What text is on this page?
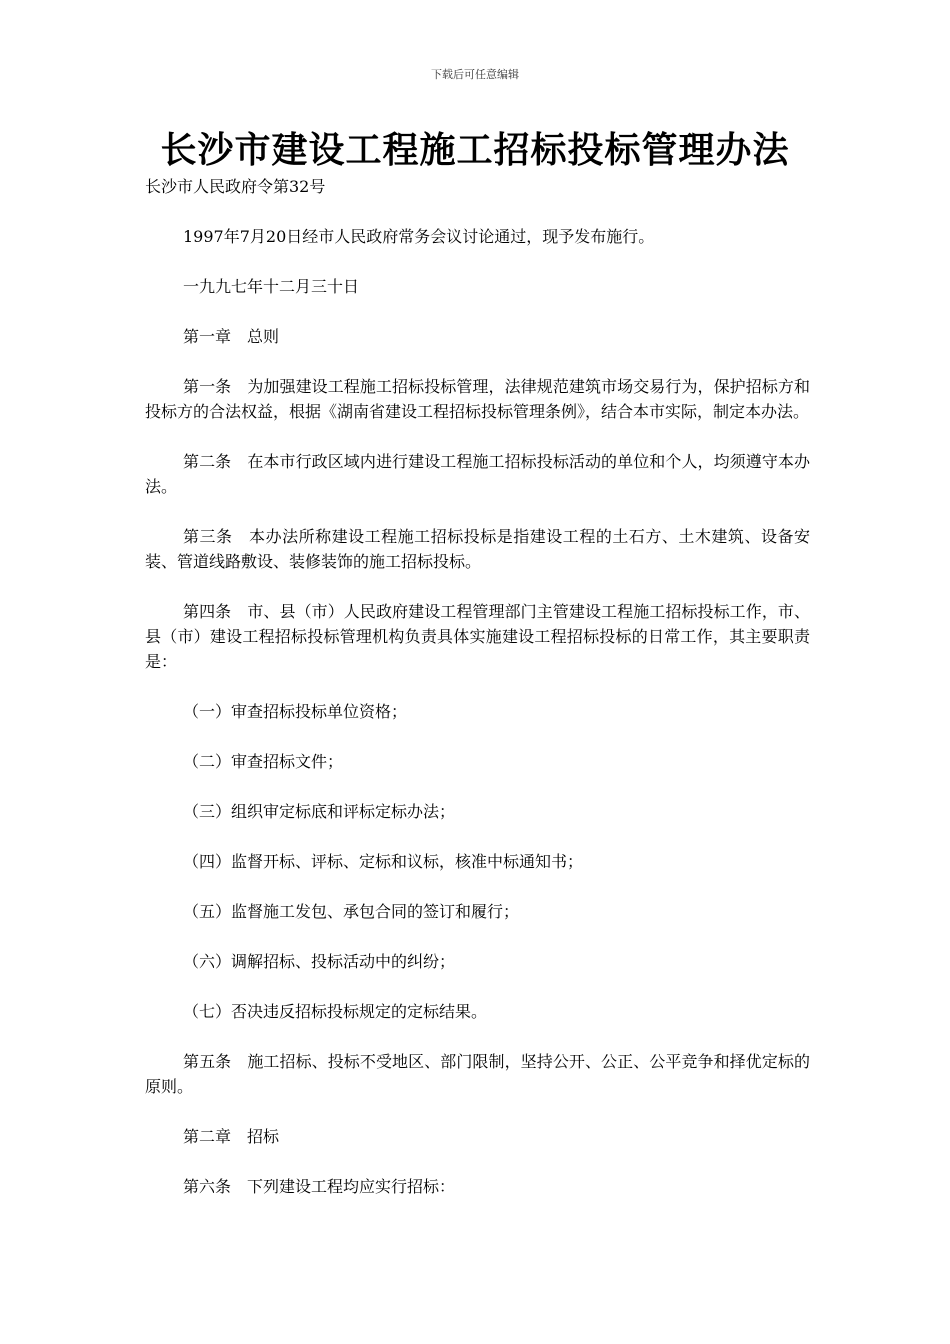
下载后可任意编辑
长沙市建设工程施工招标投标管理办法
长沙市人民政府令第32号

1997年7月20日经市人民政府常务会议讨论通过，现予发布施行。

一九九七年十二月三十日

第一章 总则

第一条 为加强建设工程施工招标投标管理，法律规范建筑市场交易行为，保护招标方和投标方的合法权益，根据《湖南省建设工程招标投标管理条例》，结合本市实际，制定本办法。

第二条 在本市行政区域内进行建设工程施工招标投标活动的单位和个人，均须遵守本办法。

第三条 本办法所称建设工程施工招标投标是指建设工程的土石方、土木建筑、设备安装、管道线路敷设、装修装饰的施工招标投标。

第四条 市、县（市）人民政府建设工程管理部门主管建设工程施工招标投标工作，市、县（市）建设工程招标投标管理机构负责具体实施建设工程招标投标的日常工作，其主要职责是：

（一）审查招标投标单位资格；

（二）审查招标文件；

（三）组织审定标底和评标定标办法；

（四）监督开标、评标、定标和议标，核准中标通知书；

（五）监督施工发包、承包合同的签订和履行；

（六）调解招标、投标活动中的纠纷；

（七）否决违反招标投标规定的定标结果。

第五条 施工招标、投标不受地区、部门限制，坚持公开、公正、公平竞争和择优定标的原则。

第二章 招标

第六条 下列建设工程均应实行招标：
